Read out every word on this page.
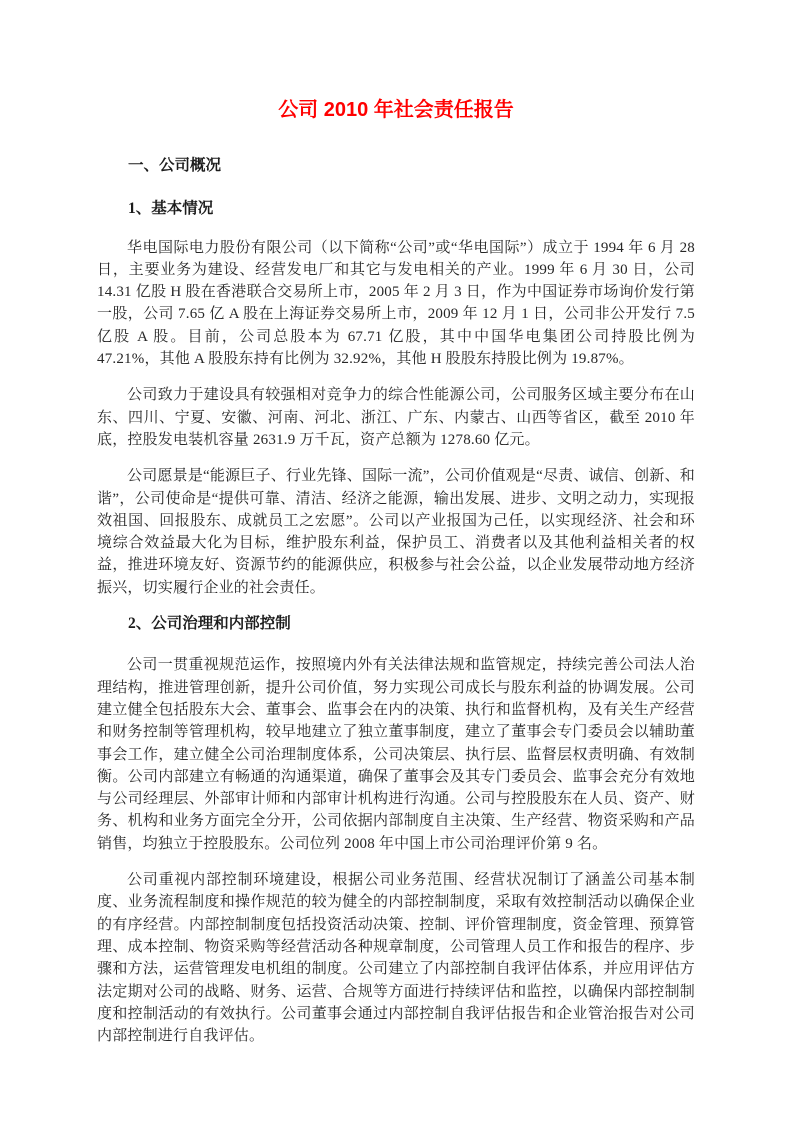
公司 2010 年社会责任报告
一、公司概况
1、基本情况

华电国际电力股份有限公司（以下简称“公司”或“华电国际”）成立于 1994 年 6 月 28 日，主要业务为建设、经营发电厂和其它与发电相关的产业。1999 年 6 月 30 日，公司 14.31 亿股 H 股在香港联合交易所上市，2005 年 2 月 3 日，作为中国证券市场询价发行第一股，公司 7.65 亿 A 股在上海证券交易所上市，2009 年 12 月 1 日，公司非公开发行 7.5 亿股 A 股。目前，公司总股本为 67.71 亿股，其中中国华电集团公司持股比例为 47.21%，其他 A 股股东持有比例为 32.92%，其他 H 股股东持股比例为 19.87%。

公司致力于建设具有较强相对竞争力的综合性能源公司，公司服务区域主要分布在山东、四川、宁夏、安徽、河南、河北、浙江、广东、内蒙古、山西等省区，截至 2010 年底，控股发电装机容量 2631.9 万千瓦，资产总额为 1278.60 亿元。

公司愿景是“能源巨子、行业先锋、国际一流”，公司价值观是“尽责、诚信、创新、和谐”，公司使命是“提供可靠、清洁、经济之能源，输出发展、进步、文明之动力，实现报效祖国、回报股东、成就员工之宏愿”。公司以产业报国为己任，以实现经济、社会和环境综合效益最大化为目标，维护股东利益，保护员工、消费者以及其他利益相关者的权益，推进环境友好、资源节约的能源供应，积极参与社会公益，以企业发展带动地方经济振兴，切实履行企业的社会责任。

2、公司治理和内部控制

公司一贯重视规范运作，按照境内外有关法律法规和监管规定，持续完善公司法人治理结构，推进管理创新，提升公司价值，努力实现公司成长与股东利益的协调发展。公司建立健全包括股东大会、董事会、监事会在内的决策、执行和监督机构，及有关生产经营和财务控制等管理机构，较早地建立了独立董事制度，建立了董事会专门委员会以辅助董事会工作，建立健全公司治理制度体系，公司决策层、执行层、监督层权责明确、有效制衡。公司内部建立有畅通的沟通渠道，确保了董事会及其专门委员会、监事会充分有效地与公司经理层、外部审计师和内部审计机构进行沟通。公司与控股股东在人员、资产、财务、机构和业务方面完全分开，公司依据内部制度自主决策、生产经营、物资采购和产品销售，均独立于控股股东。公司位列 2008 年中国上市公司治理评价第 9 名。

公司重视内部控制环境建设，根据公司业务范围、经营状况制订了涵盖公司基本制度、业务流程制度和操作规范的较为健全的内部控制制度，采取有效控制活动以确保企业的有序经营。内部控制制度包括投资活动决策、控制、评价管理制度，资金管理、预算管理、成本控制、物资采购等经营活动各种规章制度，公司管理人员工作和报告的程序、步骤和方法，运营管理发电机组的制度。公司建立了内部控制自我评估体系，并应用评估方法定期对公司的战略、财务、运营、合规等方面进行持续评估和监控，以确保内部控制制度和控制活动的有效执行。公司董事会通过内部控制自我评估报告和企业管治报告对公司内部控制进行自我评估。
